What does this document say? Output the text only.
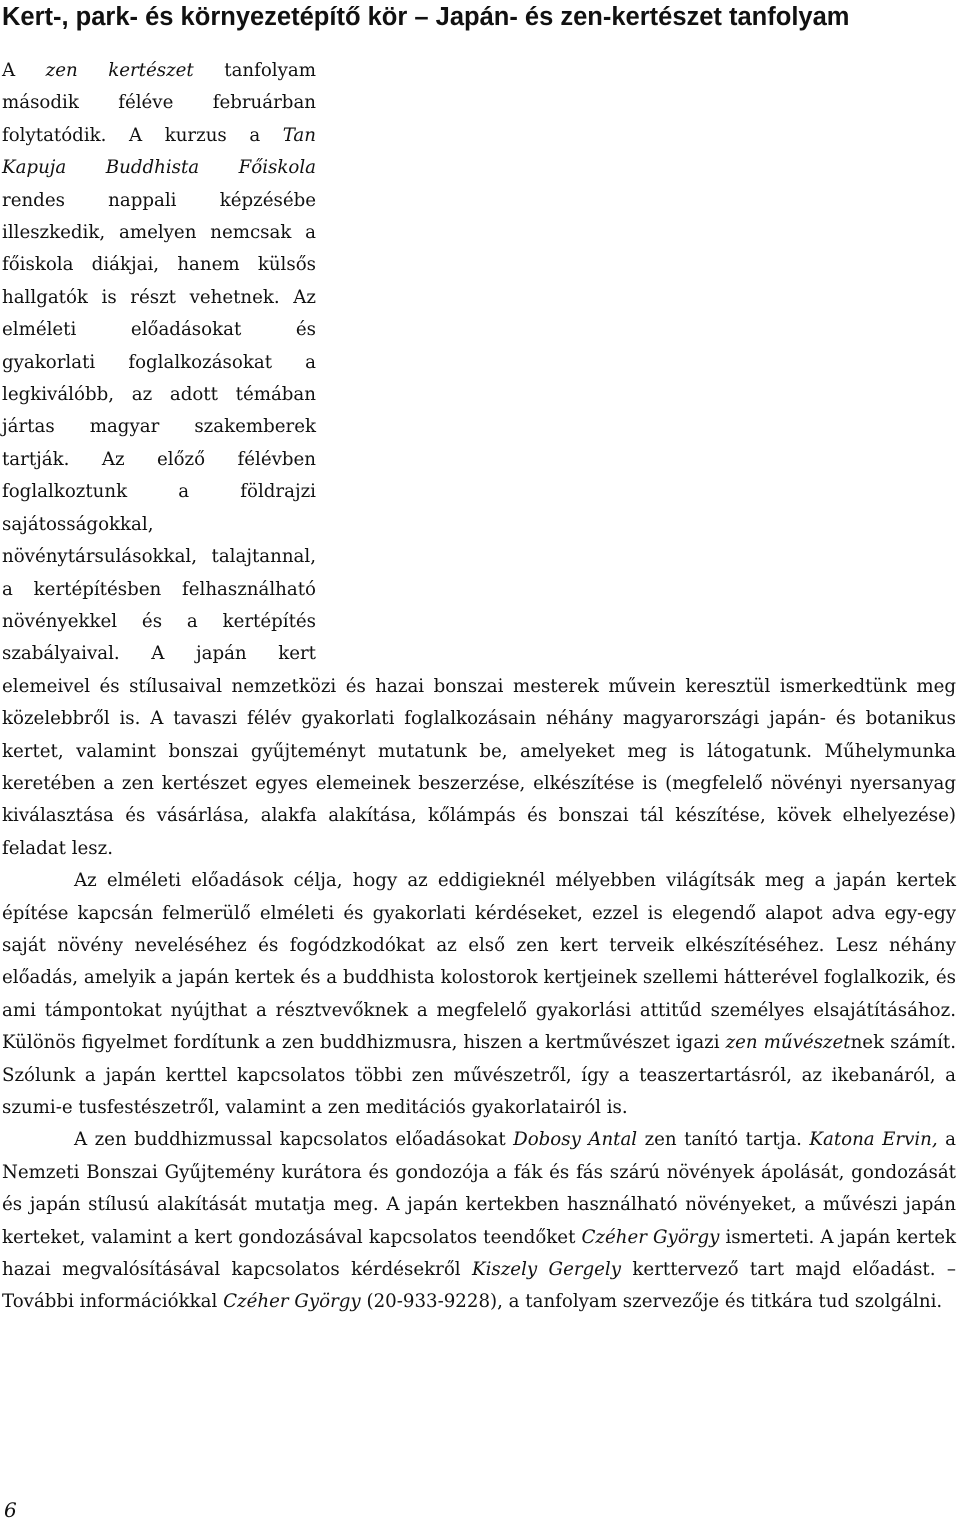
Kert-, park- és környezetépítő kör – Japán- és zen-kertészet tanfolyam

A zen kertészet tanfolyam második féléve februárban folytatódik. A kurzus a Tan Kapuja Buddhista Főiskola rendes nappali képzésébe illeszkedik, amelyen nemcsak a főiskola diákjai, hanem külsős hallgatók is részt vehetnek. Az elméleti előadásokat és gyakorlati foglalkozásokat a legkiválóbb, az adott témában jártas magyar szakemberek tartják. Az előző félévben foglalkoztunk a földrajzi sajátosságokkal, növénytársulásokkal, talajtannal, a kertépítésben felhasználható növényekkel és a kertépítés szabályaival. A japán kert elemeivel és stílusaival nemzetközi és hazai bonszai mesterek művein keresztül ismerkedtünk meg közelebbről is. A tavaszi félév gyakorlati foglalkozásain néhány magyarországi japán- és botanikus kertet, valamint bonszai gyűjteményt mutatunk be, amelyeket meg is látogatunk. Műhelymunka keretében a zen kertészet egyes elemeinek beszerzése, elkészítése is (megfelelő növényi nyersanyag kiválasztása és vásárlása, alakfa alakítása, kőlámpás és bonszai tál készítése, kövek elhelyezése) feladat lesz.

Az elméleti előadások célja, hogy az eddigieknél mélyebben világítsák meg a japán kertek építése kapcsán felmerülő elméleti és gyakorlati kérdéseket, ezzel is elegendő alapot adva egy-egy saját növény neveléséhez és fogódzkodókat az első zen kert terveik elkészítéséhez. Lesz néhány előadás, amelyik a japán kertek és a buddhista kolostorok kertjeinek szellemi hátterével foglalkozik, és ami támpontokat nyújthat a résztvevőknek a megfelelő gyakorlási attitűd személyes elsajátításához. Különös figyelmet fordítunk a zen buddhizmusra, hiszen a kertművészet igazi zen művészetnek számít. Szólunk a japán kerttel kapcsolatos többi zen művészetről, így a teaszertartásról, az ikebanáról, a szumi-e tusfestészetről, valamint a zen meditációs gyakorlatairól is.

A zen buddhizmussal kapcsolatos előadásokat Dobosy Antal zen tanító tartja. Katona Ervin, a Nemzeti Bonszai Gyűjtemény kurátora és gondozója a fák és fás szárú növények ápolását, gondozását és japán stílusú alakítását mutatja meg. A japán kertekben használható növényeket, a művészi japán kerteket, valamint a kert gondozásával kapcsolatos teendőket Czéher György ismerteti. A japán kertek hazai megvalósításával kapcsolatos kérdésekről Kiszely Gergely kerttervező tart majd előadást. – További információkkal Czéher György (20-933-9228), a tanfolyam szervezője és titkára tud szolgálni.

6
